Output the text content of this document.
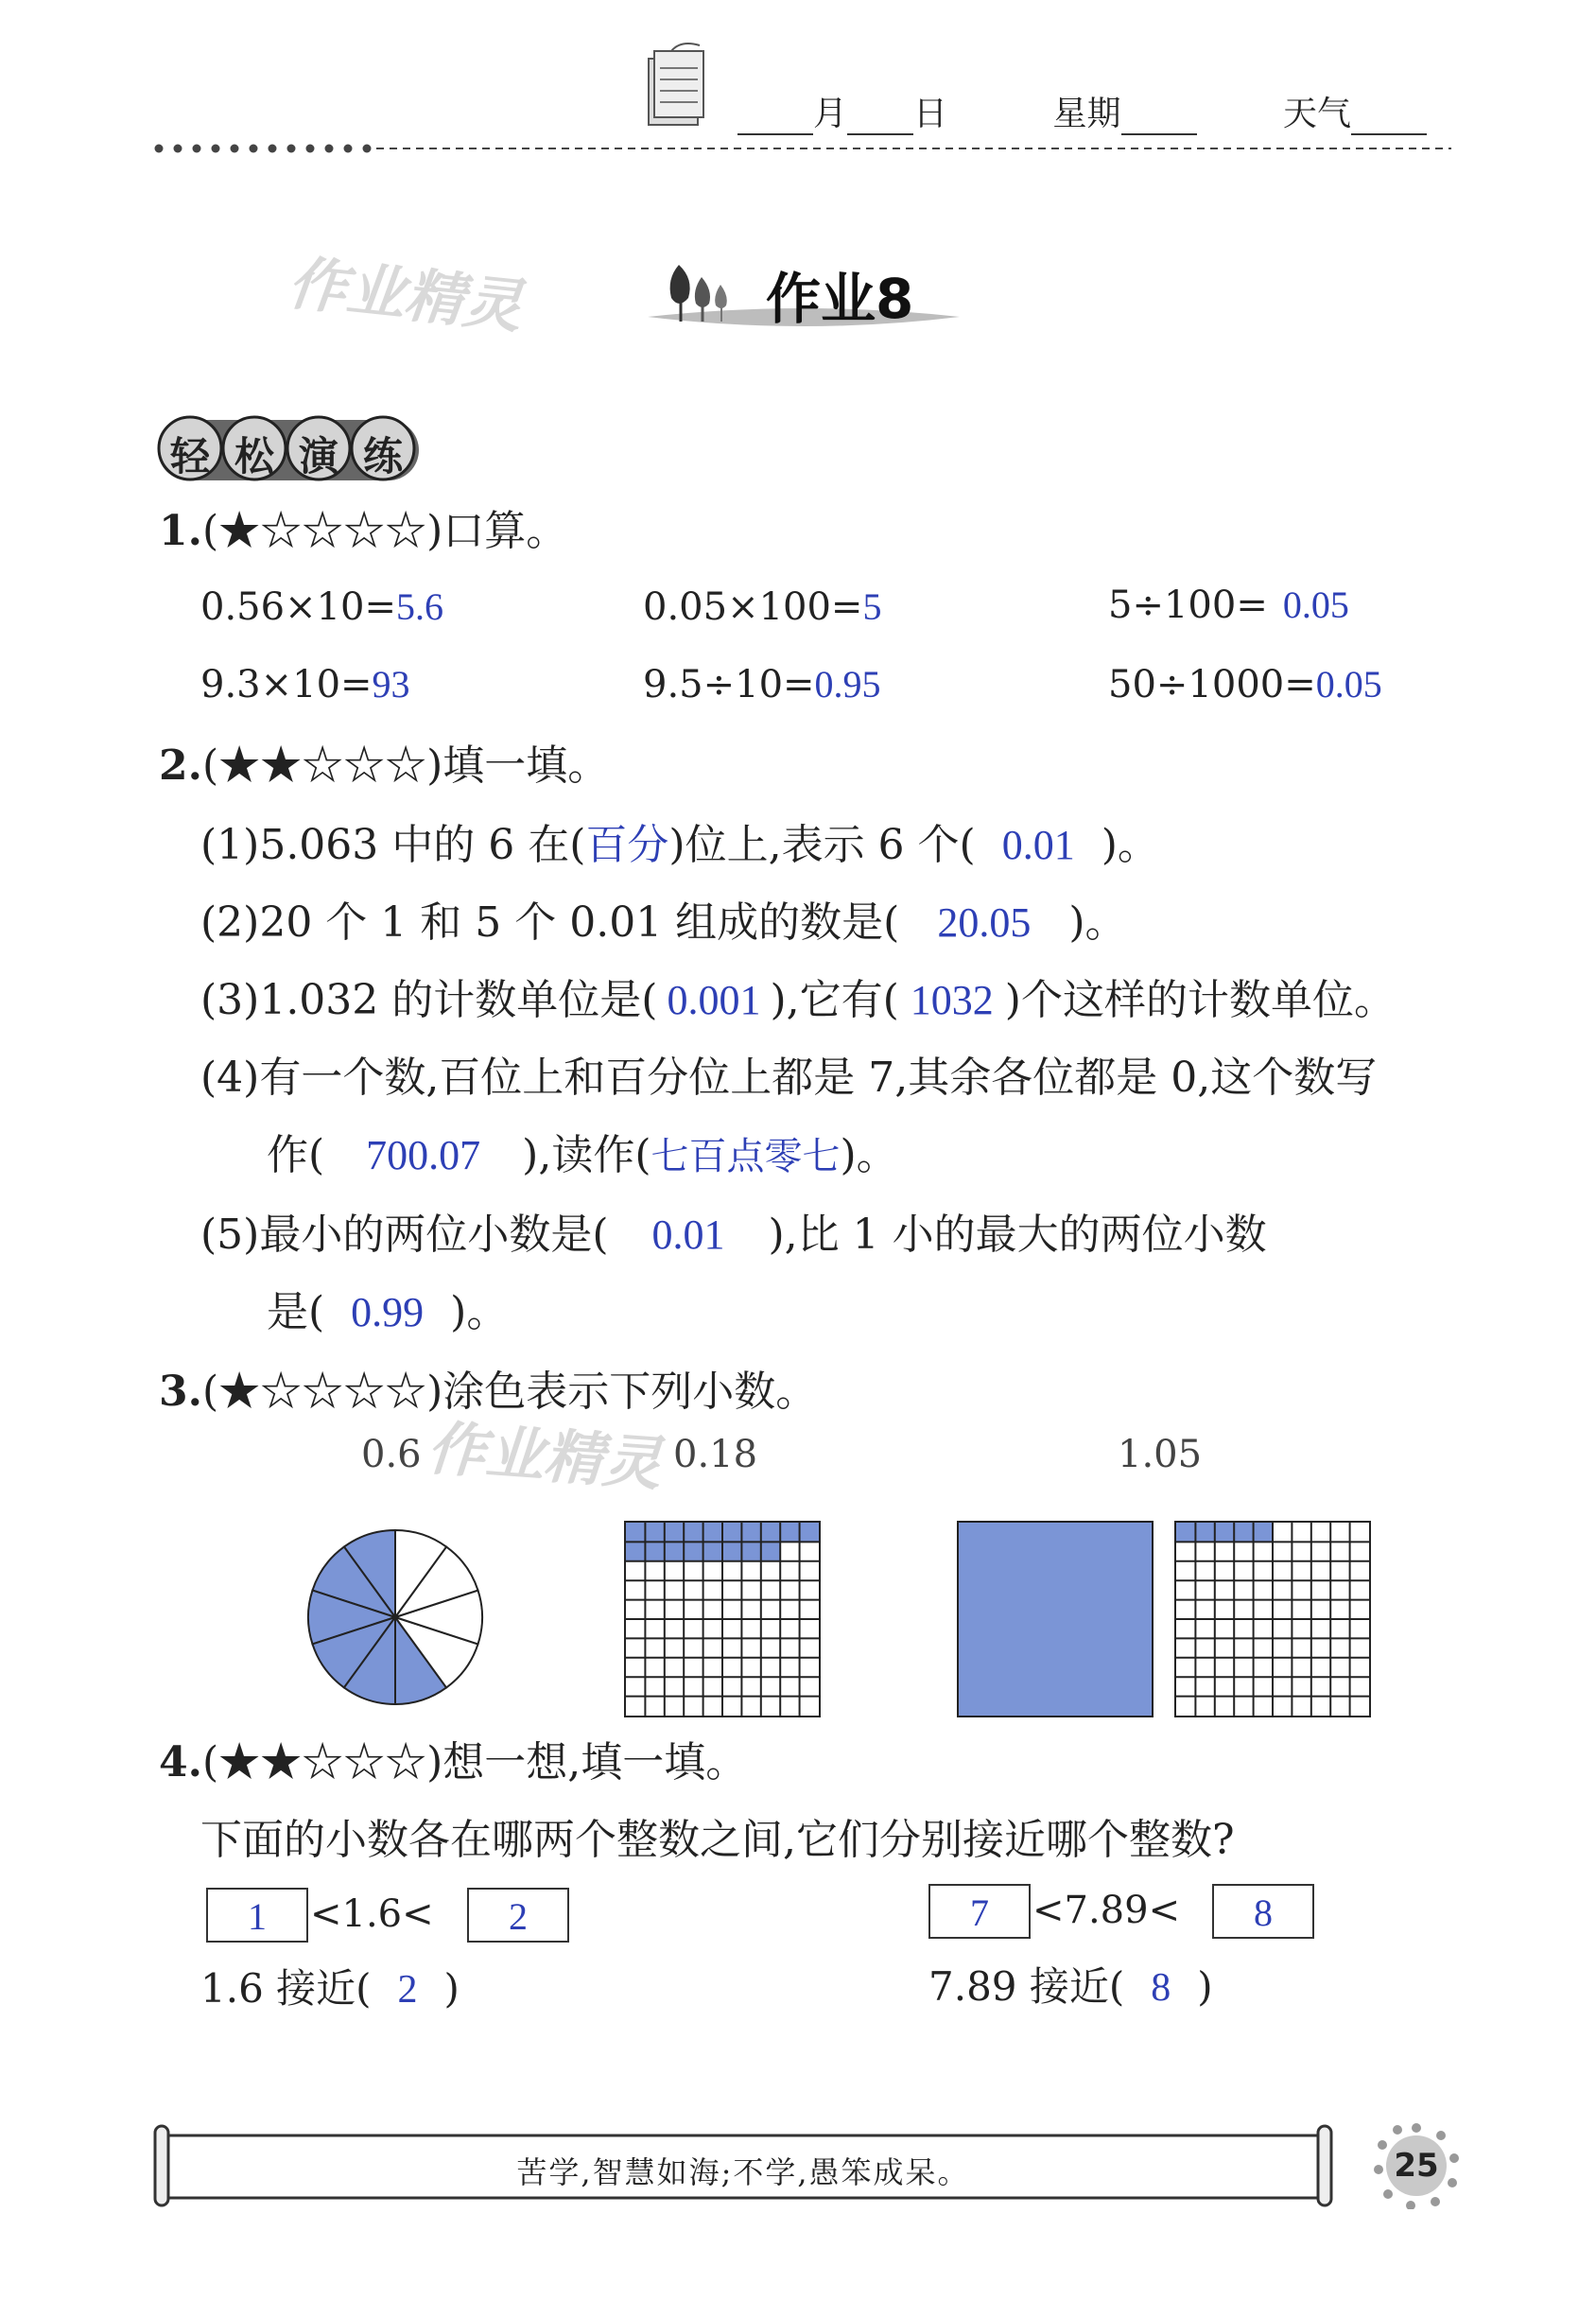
月 日	星期	天气
作业精灵	作业8
轻 松 演 练
1.(★☆☆☆☆)口算。
0.56×10=5.6	0.05×100=5	5÷100= 0.05
9.3×10=93	9.5÷10=0.95	50÷1000=0.05
2.(★★☆☆☆)填一填。
(1)5.063 中的 6 在(百分)位上,表示 6 个( 0.01 )。
(2)20 个 1 和 5 个 0.01 组成的数是( 20.05 )。
(3)1.032 的计数单位是( 0.001 ),它有( 1032 )个这样的计数单位。
(4)有一个数,百位上和百分位上都是 7,其余各位都是 0,这个数写
作( 700.07 ),读作(七百点零七)。
(5)最小的两位小数是( 0.01 ),比 1 小的最大的两位小数
是( 0.99 )。
3.(★☆☆☆☆)涂色表示下列小数。
作业精灵
0.6	0.18	1.05
4.(★★☆☆☆)想一想,填一填。
下面的小数各在哪两个整数之间,它们分别接近哪个整数?
1	<1.6<	2	7	<7.89<	8
1.6 接近( 2 )	7.89 接近( 8 )
苦学,智慧如海;不学,愚笨成呆。	25
